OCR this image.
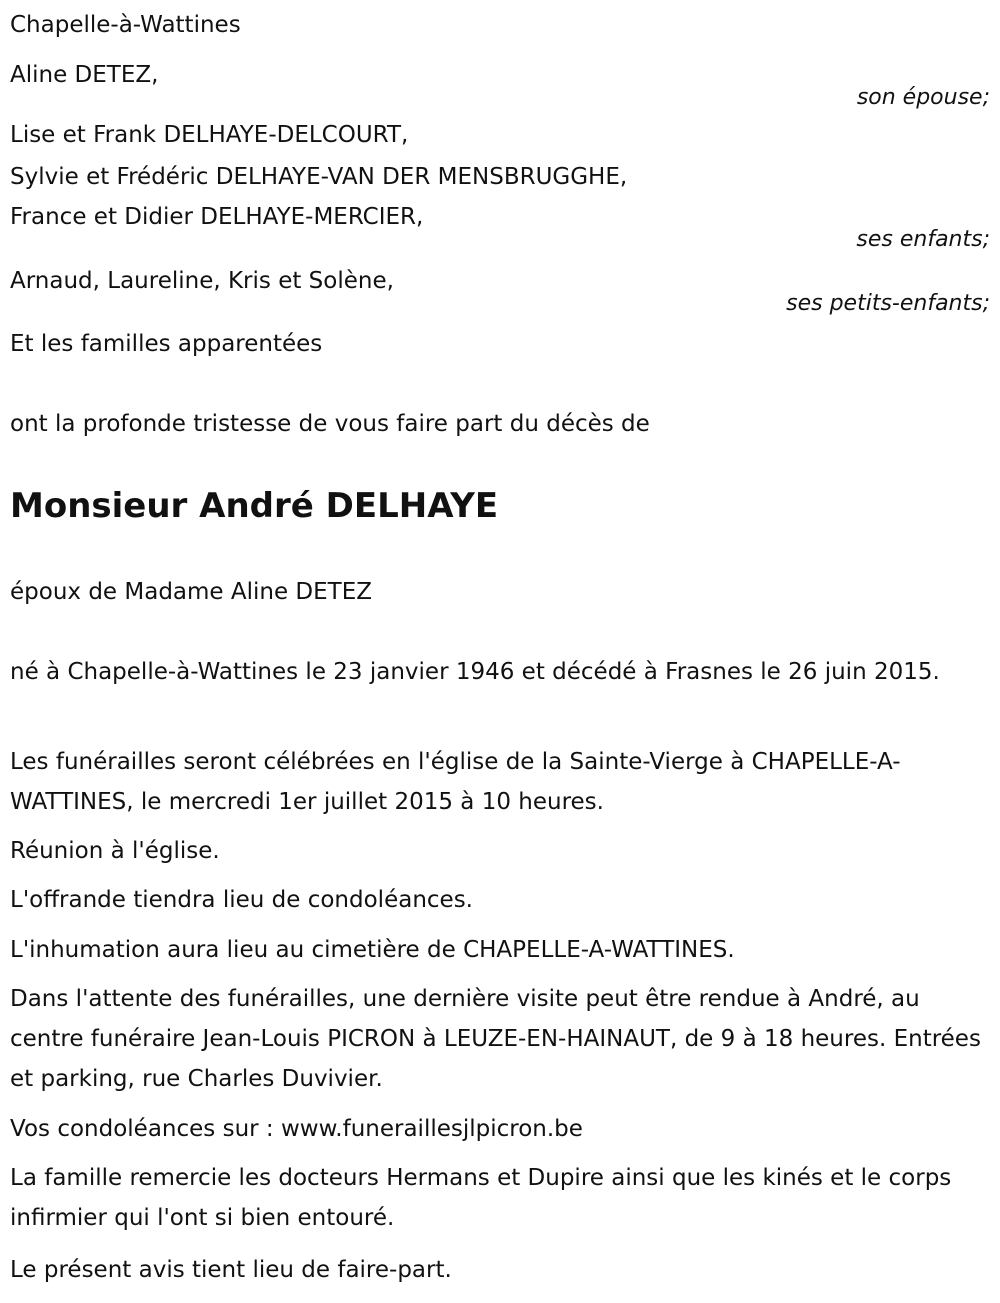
Chapelle-à-Wattines
Aline DETEZ,
son épouse;
Lise et Frank DELHAYE-DELCOURT,
Sylvie et Frédéric DELHAYE-VAN DER MENSBRUGGHE,
France et Didier DELHAYE-MERCIER,
ses enfants;
Arnaud, Laureline, Kris et Solène,
ses petits-enfants;
Et les familles apparentées
ont la profonde tristesse de vous faire part du décès de
Monsieur André DELHAYE
époux de Madame Aline DETEZ
né à Chapelle-à-Wattines le 23 janvier 1946 et décédé à Frasnes le 26 juin 2015.
Les funérailles seront célébrées en l'église de la Sainte-Vierge à CHAPELLE-A-WATTINES, le mercredi 1er juillet 2015 à 10 heures.
Réunion à l'église.
L'offrande tiendra lieu de condoléances.
L'inhumation aura lieu au cimetière de CHAPELLE-A-WATTINES.
Dans l'attente des funérailles, une dernière visite peut être rendue à André, au centre funéraire Jean-Louis PICRON à LEUZE-EN-HAINAUT, de 9 à 18 heures. Entrées et parking, rue Charles Duvivier.
Vos condoléances sur : www.funeraillesjlpicron.be
La famille remercie les docteurs Hermans et Dupire ainsi que les kinés et le corps infirmier qui l'ont si bien entouré.
Le présent avis tient lieu de faire-part.
